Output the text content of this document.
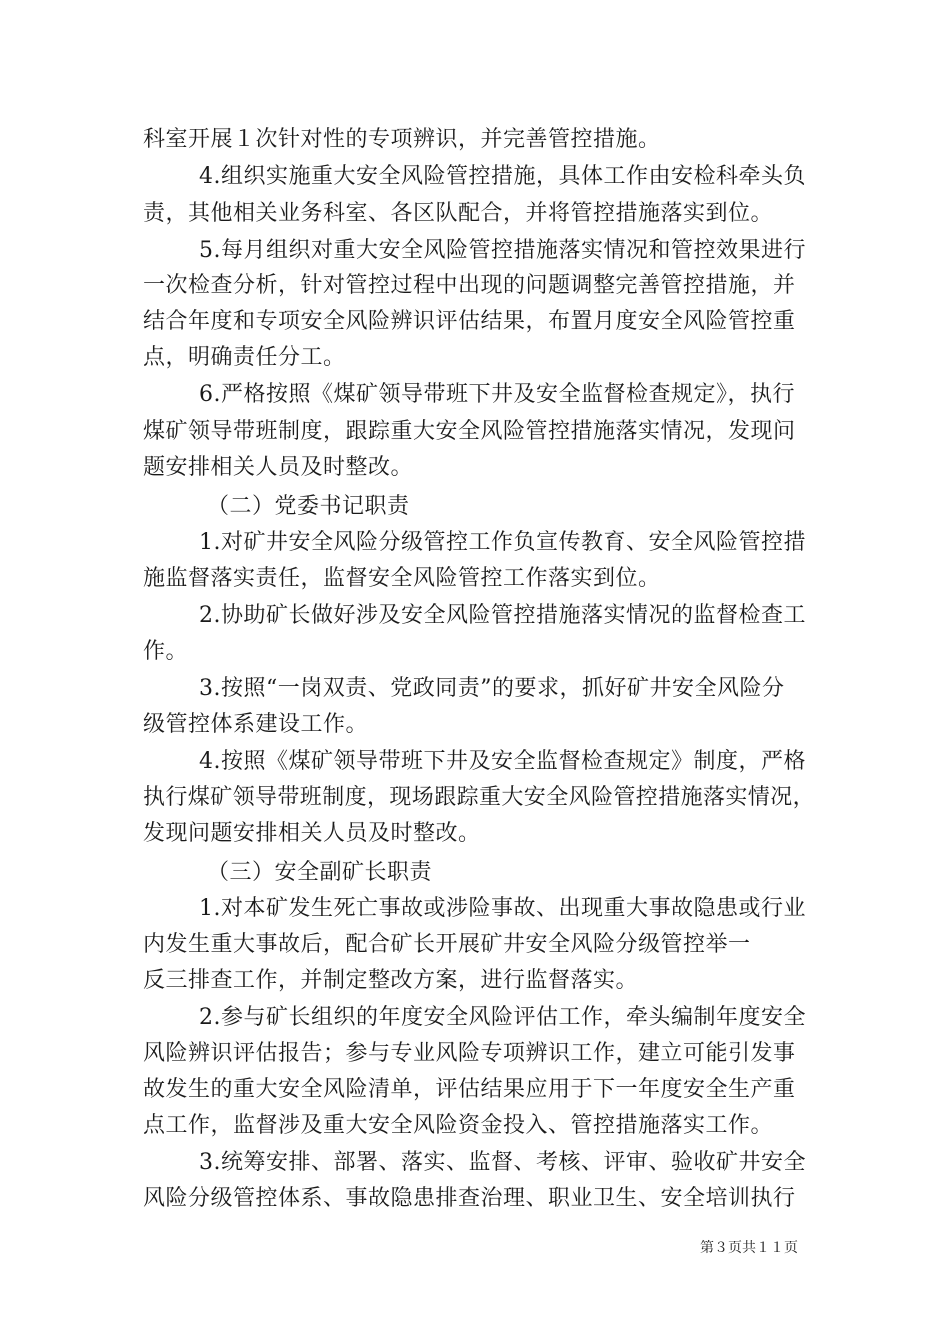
科室开展１次针对性的专项辨识，并完善管控措施。
4.组织实施重大安全风险管控措施，具体工作由安检科牵头负
责，其他相关业务科室、各区队配合，并将管控措施落实到位。
5.每月组织对重大安全风险管控措施落实情况和管控效果进行
一次检查分析，针对管控过程中出现的问题调整完善管控措施，并
结合年度和专项安全风险辨识评估结果，布置月度安全风险管控重
点，明确责任分工。
6.严格按照《煤矿领导带班下井及安全监督检查规定》，执行
煤矿领导带班制度，跟踪重大安全风险管控措施落实情况，发现问
题安排相关人员及时整改。
（二）党委书记职责
1.对矿井安全风险分级管控工作负宣传教育、安全风险管控措
施监督落实责任，监督安全风险管控工作落实到位。
2.协助矿长做好涉及安全风险管控措施落实情况的监督检查工
作。
3.按照“一岗双责、党政同责”的要求，抓好矿井安全风险分
级管控体系建设工作。
4.按照《煤矿领导带班下井及安全监督检查规定》制度，严格
执行煤矿领导带班制度，现场跟踪重大安全风险管控措施落实情况，
发现问题安排相关人员及时整改。
（三）安全副矿长职责
1.对本矿发生死亡事故或涉险事故、出现重大事故隐患或行业
内发生重大事故后，配合矿长开展矿井安全风险分级管控举一
反三排查工作，并制定整改方案，进行监督落实。
2.参与矿长组织的年度安全风险评估工作，牵头编制年度安全
风险辨识评估报告；参与专业风险专项辨识工作，建立可能引发事
故发生的重大安全风险清单，评估结果应用于下一年度安全生产重
点工作，监督涉及重大安全风险资金投入、管控措施落实工作。
3.统筹安排、部署、落实、监督、考核、评审、验收矿井安全
风险分级管控体系、事故隐患排查治理、职业卫生、安全培训执行
第３页共１１页
